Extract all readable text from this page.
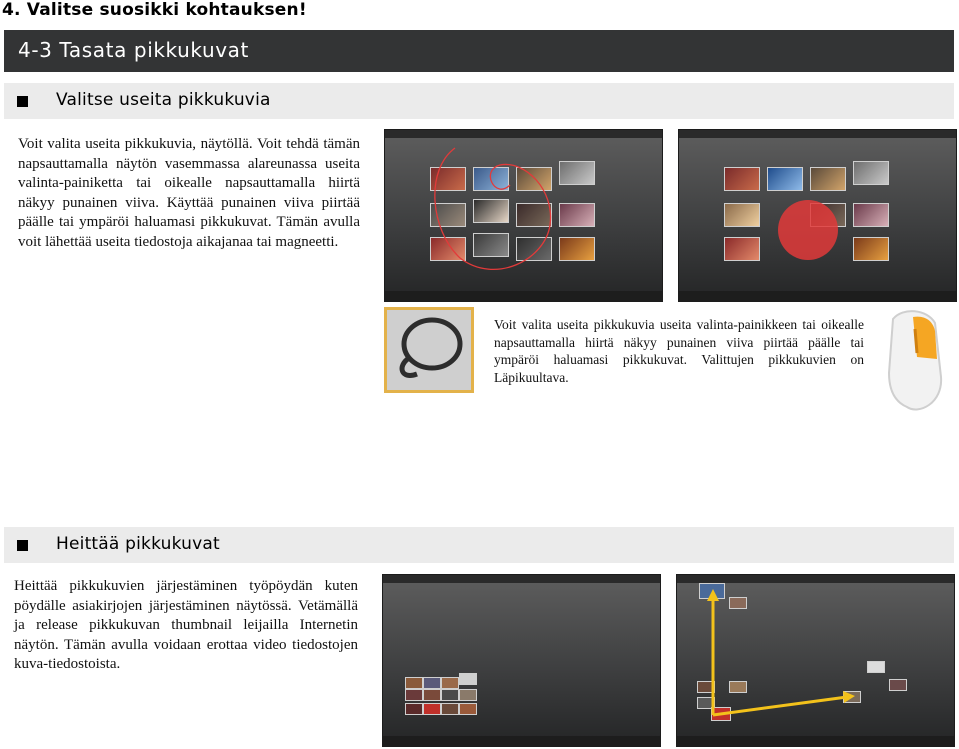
4. Valitse suosikki kohtauksen!
4-3 Tasata pikkukuvat
Valitse useita pikkukuvia

Voit valita useita pikkukuvia, näytöllä. Voit tehdä tämän napsauttamalla näytön vasemmassa alareunassa useita valinta-painiketta tai oikealle napsauttamalla hiirtä näkyy punainen viiva. Käyttää punainen viiva piirtää päälle tai ympäröi haluamasi pikkukuvat. Tämän avulla voit lähettää useita tiedostoja aikajanaa tai magneetti.

Voit valita useita pikkukuvia useita valinta-painikkeen tai oikealle napsauttamalla hiirtä näkyy punainen viiva piirtää päälle tai ympäröi haluamasi pikkukuvat. Valittujen pikkukuvien on Läpikuultava.

Heittää pikkukuvat

Heittää pikkukuvien järjestäminen työpöydän kuten pöydälle asiakirjojen järjestäminen näytössä. Vetämällä ja release pikkukuvan thumbnail leijailla Internetin näytön. Tämän avulla voidaan erottaa video tiedostojen kuva-tiedostoista.
